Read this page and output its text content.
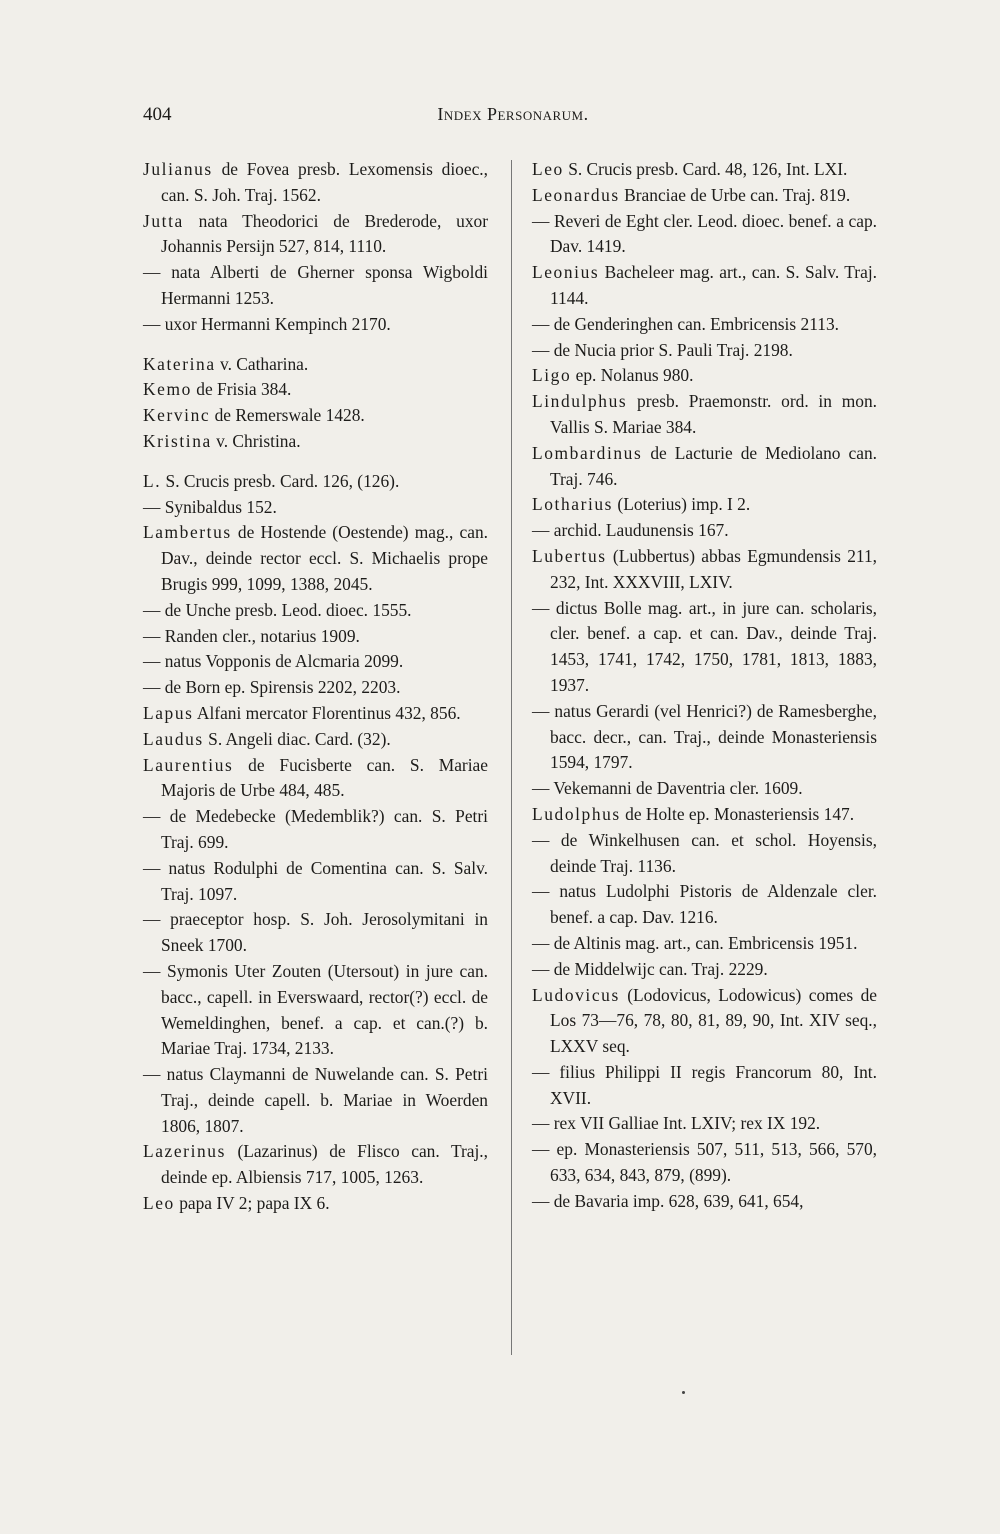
404	Index Personarum.
Julianus de Fovea presb. Lexomensis dioec., can. S. Joh. Traj. 1562.
Jutta nata Theodorici de Brederode, uxor Johannis Persijn 527, 814, 1110.
— nata Alberti de Gherner sponsa Wigboldi Hermanni 1253.
— uxor Hermanni Kempinch 2170.
Katerina v. Catharina.
Kemo de Frisia 384.
Kervinc de Remerswale 1428.
Kristina v. Christina.
L. S. Crucis presb. Card. 126, (126).
— Synibaldus 152.
Lambertus de Hostende (Oestende) mag., can. Dav., deinde rector eccl. S. Michaelis prope Brugis 999, 1099, 1388, 2045.
— de Unche presb. Leod. dioec. 1555.
— Randen cler., notarius 1909.
— natus Vopponis de Alcmaria 2099.
— de Born ep. Spirensis 2202, 2203.
Lapus Alfani mercator Florentinus 432, 856.
Laudus S. Angeli diac. Card. (32).
Laurentius de Fucisberte can. S. Mariae Majoris de Urbe 484, 485.
— de Medebecke (Medemblik?) can. S. Petri Traj. 699.
— natus Rodulphi de Comentina can. S. Salv. Traj. 1097.
— praeceptor hosp. S. Joh. Jerosolymitani in Sneek 1700.
— Symonis Uter Zouten (Utersout) in jure can. bacc., capell. in Everswaard, rector(?) eccl. de Wemeldinghen, benef. a cap. et can.(?) b. Mariae Traj. 1734, 2133.
— natus Claymanni de Nuwelande can. S. Petri Traj., deinde capell. b. Mariae in Woerden 1806, 1807.
Lazerinus (Lazarinus) de Flisco can. Traj., deinde ep. Albiensis 717, 1005, 1263.
Leo papa IV 2; papa IX 6.
Leo S. Crucis presb. Card. 48, 126, Int. LXI.
Leonardus Branciae de Urbe can. Traj. 819.
— Reveri de Eght cler. Leod. dioec. benef. a cap. Dav. 1419.
Leonius Bacheleer mag. art., can. S. Salv. Traj. 1144.
— de Genderinghen can. Embricensis 2113.
— de Nucia prior S. Pauli Traj. 2198.
Ligo ep. Nolanus 980.
Lindulphus presb. Praemonstr. ord. in mon. Vallis S. Mariae 384.
Lombardinus de Lacturie de Mediolano can. Traj. 746.
Lotharius (Loterius) imp. I 2.
— archid. Laudunensis 167.
Lubertus (Lubbertus) abbas Egmundensis 211, 232, Int. XXXVIII, LXIV.
— dictus Bolle mag. art., in jure can. scholaris, cler. benef. a cap. et can. Dav., deinde Traj. 1453, 1741, 1742, 1750, 1781, 1813, 1883, 1937.
— natus Gerardi (vel Henrici?) de Ramesberghe, bacc. decr., can. Traj., deinde Monasteriensis 1594, 1797.
— Vekemanni de Daventria cler. 1609.
Ludolphus de Holte ep. Monasteriensis 147.
— de Winkelhusen can. et schol. Hoyensis, deinde Traj. 1136.
— natus Ludolphi Pistoris de Aldenzale cler. benef. a cap. Dav. 1216.
— de Altinis mag. art., can. Embricensis 1951.
— de Middelwijc can. Traj. 2229.
Ludovicus (Lodovicus, Lodowicus) comes de Los 73—76, 78, 80, 81, 89, 90, Int. XIV seq., LXXV seq.
— filius Philippi II regis Francorum 80, Int. XVII.
— rex VII Galliae Int. LXIV; rex IX 192.
— ep. Monasteriensis 507, 511, 513, 566, 570, 633, 634, 843, 879, (899).
— de Bavaria imp. 628, 639, 641, 654,
